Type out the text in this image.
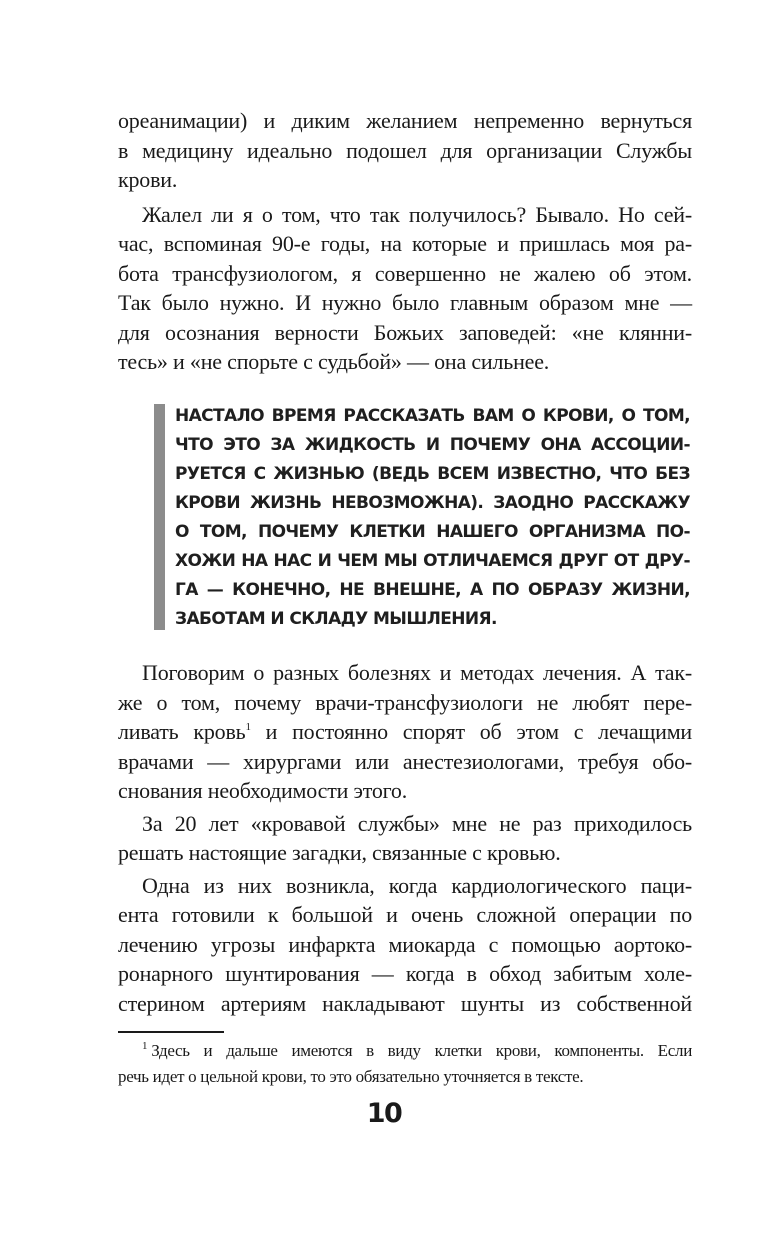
ореанимации) и диким желанием непременно вернуться
в медицину идеально подошел для организации Службы
крови.
Жалел ли я о том, что так получилось? Бывало. Но сей-
час, вспоминая 90-е годы, на которые и пришлась моя ра-
бота трансфузиологом, я совершенно не жалею об этом.
Так было нужно. И нужно было главным образом мне —
для осознания верности Божьих заповедей: «не клянни-
тесь» и «не спорьте с судьбой» — она сильнее.
НАСТАЛО ВРЕМЯ РАССКАЗАТЬ ВАМ О КРОВИ, О ТОМ,
ЧТО ЭТО ЗА ЖИДКОСТЬ И ПОЧЕМУ ОНА АССОЦИИ-
РУЕТСЯ С ЖИЗНЬЮ (ВЕДЬ ВСЕМ ИЗВЕСТНО, ЧТО БЕЗ
КРОВИ ЖИЗНЬ НЕВОЗМОЖНА). ЗАОДНО РАССКАЖУ
О ТОМ, ПОЧЕМУ КЛЕТКИ НАШЕГО ОРГАНИЗМА ПО-
ХОЖИ НА НАС И ЧЕМ МЫ ОТЛИЧАЕМСЯ ДРУГ ОТ ДРУ-
ГА — КОНЕЧНО, НЕ ВНЕШНЕ, А ПО ОБРАЗУ ЖИЗНИ,
ЗАБОТАМ И СКЛАДУ МЫШЛЕНИЯ.
Поговорим о разных болезнях и методах лечения. А так-
же о том, почему врачи-трансфузиологи не любят пере-
ливать кровь$^1$ и постоянно спорят об этом с лечащими
врачами — хирургами или анестезиологами, требуя обо-
снования необходимости этого.
За 20 лет «кровавой службы» мне не раз приходилось
решать настоящие загадки, связанные с кровью.
Одна из них возникла, когда кардиологического паци-
ента готовили к большой и очень сложной операции по
лечению угрозы инфаркта миокарда с помощью аортоко-
ронарного шунтирования — когда в обход забитым холе-
стерином артериям накладывают шунты из собственной
$^1$ Здесь и дальше имеются в виду клетки крови, компоненты. Если
речь идет о цельной крови, то это обязательно уточняется в тексте.
10
